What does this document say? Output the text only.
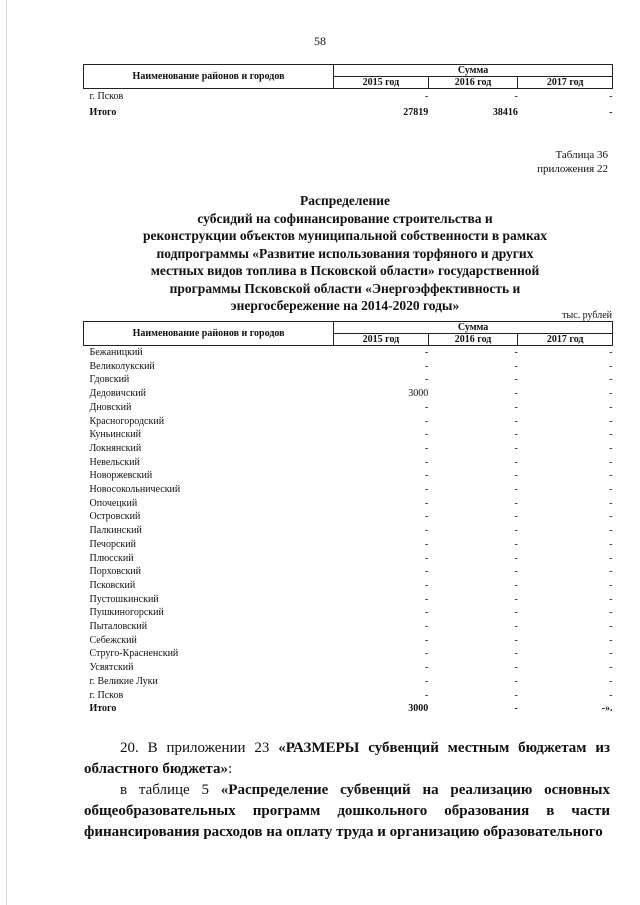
58
Наименование районов и городов	Сумма		
	2015 год	2016 год	2017 год
г. Псков	-	-	-
Итого	27819	38416	-
Таблица 36
приложения 22
Распределение
субсидий на софинансирование строительства и
реконструкции объектов муниципальной собственности в рамках
подпрограммы «Развитие использования торфяного и других
местных видов топлива в Псковской области» государственной
программы Псковской области «Энергоэффективность и
энергосбережение на 2014-2020 годы»
тыс. рублей
Наименование районов и городов	Сумма		
	2015 год	2016 год	2017 год
Бежаницкий	-	-	-
Великолукский	-	-	-
Гдовский	-	-	-
Дедовичский	3000	-	-
Дновский	-	-	-
Красногородский	-	-	-
Куньинский	-	-	-
Локнянский	-	-	-
Невельский	-	-	-
Новоржевский	-	-	-
Новосокольнический	-	-	-
Опочецкий	-	-	-
Островский	-	-	-
Палкинский	-	-	-
Печорский	-	-	-
Плюсский	-	-	-
Порховский	-	-	-
Псковский	-	-	-
Пустошкинский	-	-	-
Пушкиногорский	-	-	-
Пыталовский	-	-	-
Себежский	-	-	-
Струго-Красненский	-	-	-
Усвятский	-	-	-
г. Великие Луки	-	-	-
г. Псков	-	-	-
Итого	3000	-	-».
20. В приложении 23 «РАЗМЕРЫ субвенций местным бюджетам из областного бюджета»:
в таблице 5 «Распределение субвенций на реализацию основных общеобразовательных программ дошкольного образования в части финансирования расходов на оплату труда и организацию образовательного
